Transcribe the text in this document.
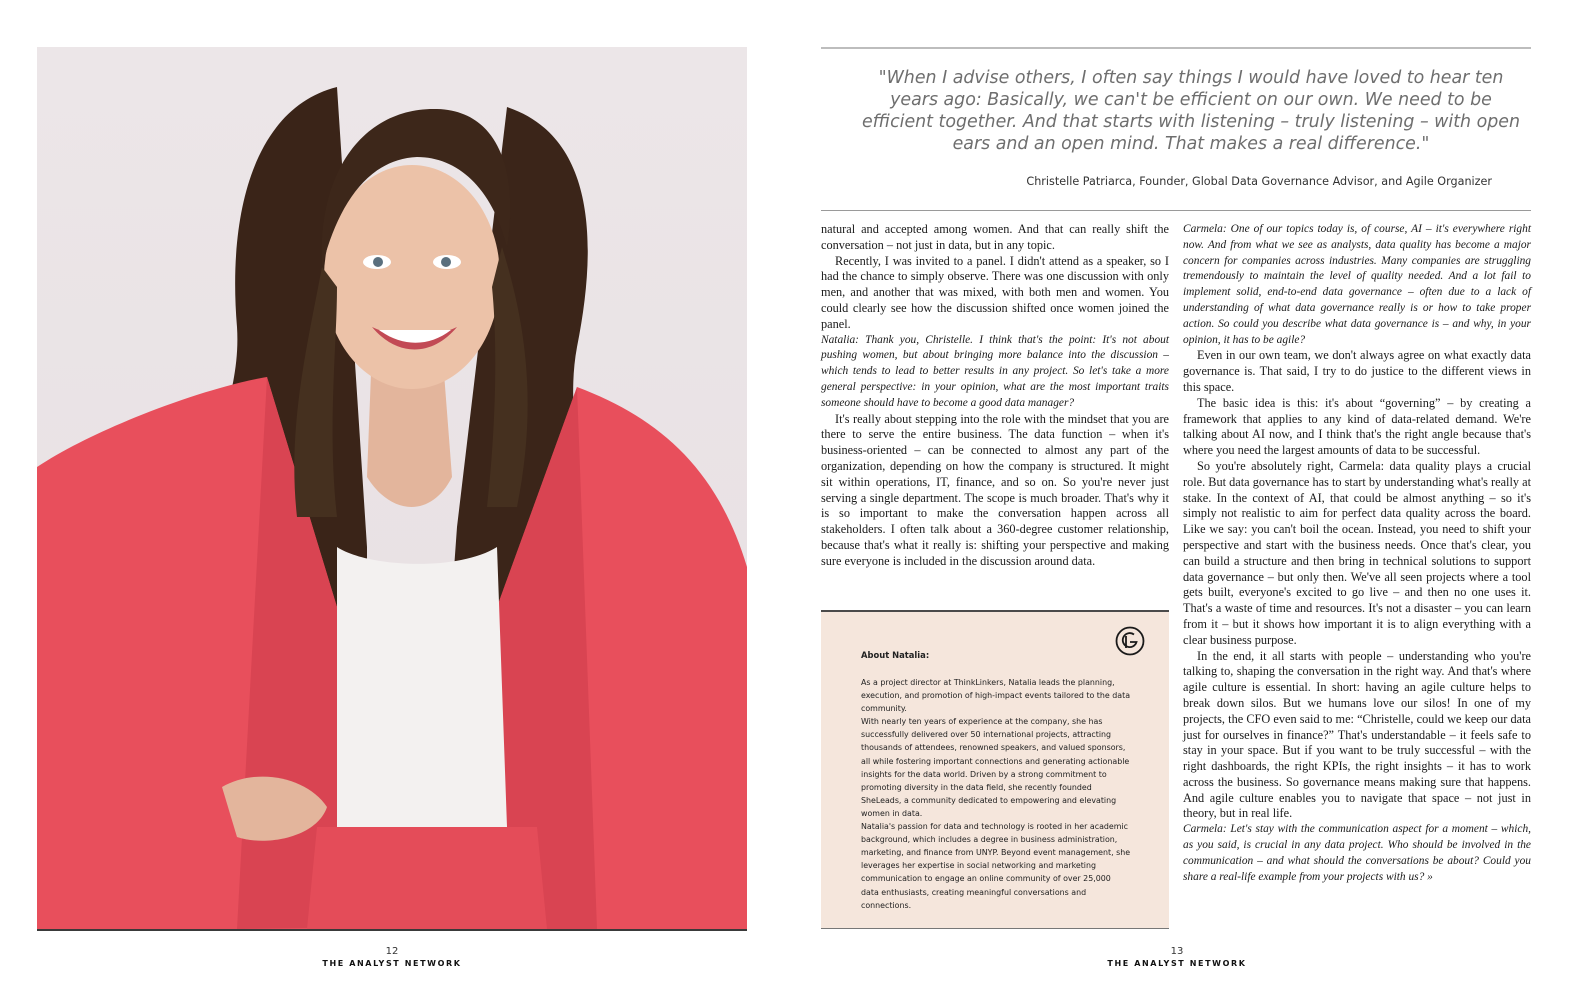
12
THE ANALYST NETWORK
"When I advise others, I often say things I would have loved to hear ten years ago: Basically, we can't be efficient on our own. We need to be efficient together. And that starts with listening – truly listening – with open ears and an open mind. That makes a real difference."
Christelle Patriarca, Founder, Global Data Governance Advisor, and Agile Organizer

natural and accepted among women. And that can really shift the conversation – not just in data, but in any topic.

Recently, I was invited to a panel. I didn't attend as a speaker, so I had the chance to simply observe. There was one discussion with only men, and another that was mixed, with both men and women. You could clearly see how the discussion shifted once women joined the panel.

Natalia: Thank you, Christelle. I think that's the point: It's not about pushing women, but about bringing more balance into the discussion – which tends to lead to better results in any project. So let's take a more general perspective: in your opinion, what are the most important traits someone should have to become a good data manager?

It's really about stepping into the role with the mindset that you are there to serve the entire business. The data function – when it's business-oriented – can be connected to almost any part of the organization, depending on how the company is structured. It might sit within operations, IT, finance, and so on. So you're never just serving a single department. The scope is much broader. That's why it is so important to make the conversation happen across all stakeholders. I often talk about a 360-degree customer relationship, because that's what it really is: shifting your perspective and making sure everyone is included in the discussion around data.

Carmela: One of our topics today is, of course, AI – it's everywhere right now. And from what we see as analysts, data quality has become a major concern for companies across industries. Many companies are struggling tremendously to maintain the level of quality needed. And a lot fail to implement solid, end-to-end data governance – often due to a lack of understanding of what data governance really is or how to take proper action. So could you describe what data governance is – and why, in your opinion, it has to be agile?

Even in our own team, we don't always agree on what exactly data governance is. That said, I try to do justice to the different views in this space.

The basic idea is this: it's about “governing” – by creating a framework that applies to any kind of data-related demand. We're talking about AI now, and I think that's the right angle because that's where you need the largest amounts of data to be successful.

So you're absolutely right, Carmela: data quality plays a crucial role. But data governance has to start by understanding what's really at stake. In the context of AI, that could be almost anything – so it's simply not realistic to aim for perfect data quality across the board. Like we say: you can't boil the ocean. Instead, you need to shift your perspective and start with the business needs. Once that's clear, you can build a structure and then bring in technical solutions to support data governance – but only then. We've all seen projects where a tool gets built, everyone's excited to go live – and then no one uses it. That's a waste of time and resources. It's not a disaster – you can learn from it – but it shows how important it is to align everything with a clear business purpose.

In the end, it all starts with people – understanding who you're talking to, shaping the conversation in the right way. And that's where agile culture is essential. In short: having an agile culture helps to break down silos. But we humans love our silos! In one of my projects, the CFO even said to me: “Christelle, could we keep our data just for ourselves in finance?” That's understandable – it feels safe to stay in your space. But if you want to be truly successful – with the right dashboards, the right KPIs, the right insights – it has to work across the business. So governance means making sure that happens. And agile culture enables you to navigate that space – not just in theory, but in real life.

Carmela: Let's stay with the communication aspect for a moment – which, as you said, is crucial in any data project. Who should be involved in the communication – and what should the conversations be about? Could you share a real-life example from your projects with us? »

About Natalia:

As a project director at ThinkLinkers, Natalia leads the planning, execution, and promotion of high-impact events tailored to the data community.

With nearly ten years of experience at the company, she has successfully delivered over 50 international projects, attracting thousands of attendees, renowned speakers, and valued sponsors, all while fostering important connections and generating actionable insights for the data world. Driven by a strong commitment to promoting diversity in the data field, she recently founded SheLeads, a community dedicated to empowering and elevating women in data.

Natalia's passion for data and technology is rooted in her academic background, which includes a degree in business administration, marketing, and finance from UNYP. Beyond event management, she leverages her expertise in social networking and marketing communication to engage an online community of over 25,000 data enthusiasts, creating meaningful conversations and connections.

13
THE ANALYST NETWORK
